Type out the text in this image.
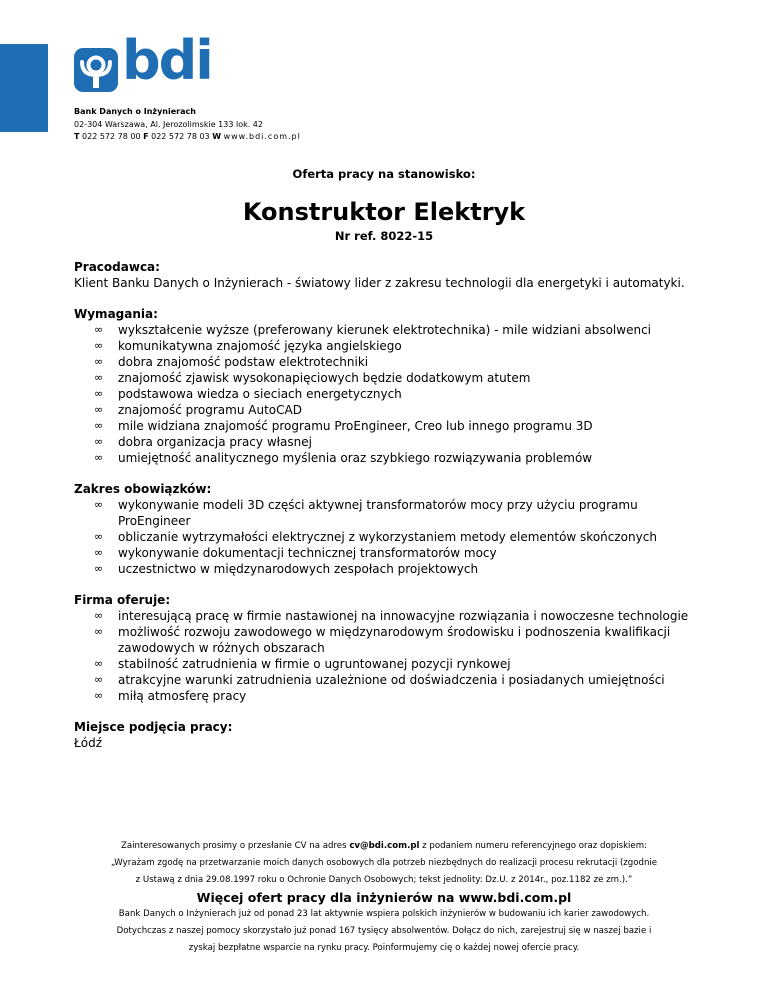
bdi
Bank Danych o Inżynierach
02-304 Warszawa, Al. Jerozolimskie 133 lok. 42
T 022 572 78 00 F 022 572 78 03 W www.bdi.com.pl
Oferta pracy na stanowisko:
Konstruktor Elektryk
Nr ref. 8022-15
Pracodawca:

Klient Banku Danych o Inżynierach - światowy lider z zakresu technologii dla energetyki i automatyki.

Wymagania:
∞ wykształcenie wyższe (preferowany kierunek elektrotechnika) - mile widziani absolwenci
∞ komunikatywna znajomość języka angielskiego
∞ dobra znajomość podstaw elektrotechniki
∞ znajomość zjawisk wysokonapięciowych będzie dodatkowym atutem
∞ podstawowa wiedza o sieciach energetycznych
∞ znajomość programu AutoCAD
∞ mile widziana znajomość programu ProEngineer, Creo lub innego programu 3D
∞ dobra organizacja pracy własnej
∞ umiejętność analitycznego myślenia oraz szybkiego rozwiązywania problemów
Zakres obowiązków:
∞ wykonywanie modeli 3D części aktywnej transformatorów mocy przy użyciu programu ProEngineer
∞ obliczanie wytrzymałości elektrycznej z wykorzystaniem metody elementów skończonych
∞ wykonywanie dokumentacji technicznej transformatorów mocy
∞ uczestnictwo w międzynarodowych zespołach projektowych
Firma oferuje:
∞ interesującą pracę w firmie nastawionej na innowacyjne rozwiązania i nowoczesne technologie
∞ możliwość rozwoju zawodowego w międzynarodowym środowisku i podnoszenia kwalifikacji zawodowych w różnych obszarach
∞ stabilność zatrudnienia w firmie o ugruntowanej pozycji rynkowej
∞ atrakcyjne warunki zatrudnienia uzależnione od doświadczenia i posiadanych umiejętności
∞ miłą atmosferę pracy
Miejsce podjęcia pracy:

Łódź

Zainteresowanych prosimy o przesłanie CV na adres cv@bdi.com.pl z podaniem numeru referencyjnego oraz dopiskiem:
„Wyrażam zgodę na przetwarzanie moich danych osobowych dla potrzeb niezbędnych do realizacji procesu rekrutacji (zgodnie
z Ustawą z dnia 29.08.1997 roku o Ochronie Danych Osobowych; tekst jednolity: Dz.U. z 2014r., poz.1182 ze zm.).”
Więcej ofert pracy dla inżynierów na www.bdi.com.pl
Bank Danych o Inżynierach już od ponad 23 lat aktywnie wspiera polskich inżynierów w budowaniu ich karier zawodowych.
Dotychczas z naszej pomocy skorzystało już ponad 167 tysięcy absolwentów. Dołącz do nich, zarejestruj się w naszej bazie i
zyskaj bezpłatne wsparcie na rynku pracy. Poinformujemy cię o każdej nowej ofercie pracy.
